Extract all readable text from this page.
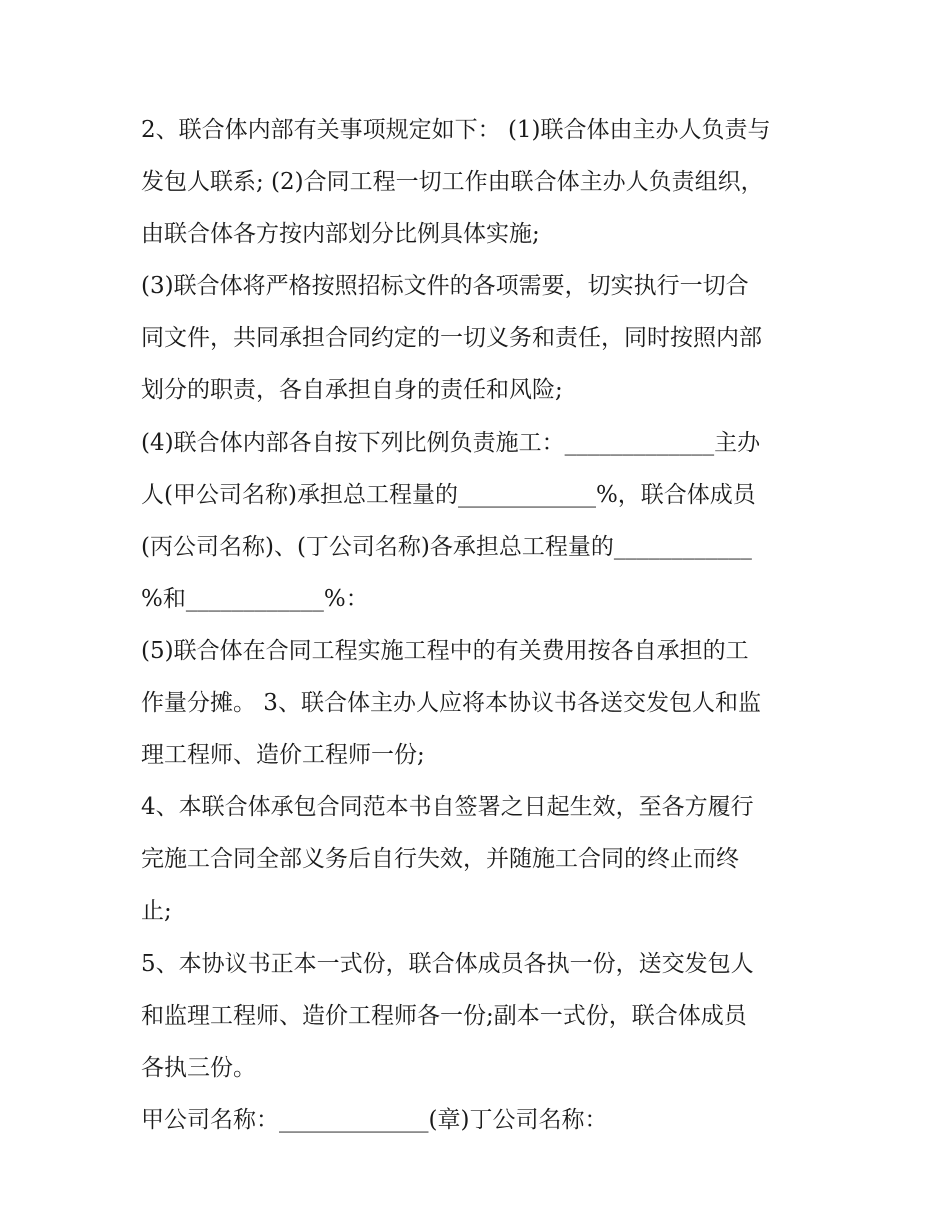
2、联合体内部有关事项规定如下： (1)联合体由主办人负责与

发包人联系; (2)合同工程一切工作由联合体主办人负责组织，

由联合体各方按内部划分比例具体实施;

(3)联合体将严格按照招标文件的各项需要，切实执行一切合

同文件，共同承担合同约定的一切义务和责任，同时按照内部

划分的职责，各自承担自身的责任和风险;

(4)联合体内部各自按下列比例负责施工：_____________主办

人(甲公司名称)承担总工程量的____________%，联合体成员

(丙公司名称)、(丁公司名称)各承担总工程量的____________

%和____________%：

(5)联合体在合同工程实施工程中的有关费用按各自承担的工

作量分摊。 3、联合体主办人应将本协议书各送交发包人和监

理工程师、造价工程师一份;

4、本联合体承包合同范本书自签署之日起生效，至各方履行

完施工合同全部义务后自行失效，并随施工合同的终止而终

止;

5、本协议书正本一式份，联合体成员各执一份，送交发包人

和监理工程师、造价工程师各一份;副本一式份，联合体成员

各执三份。

甲公司名称：_____________(章)丁公司名称：
